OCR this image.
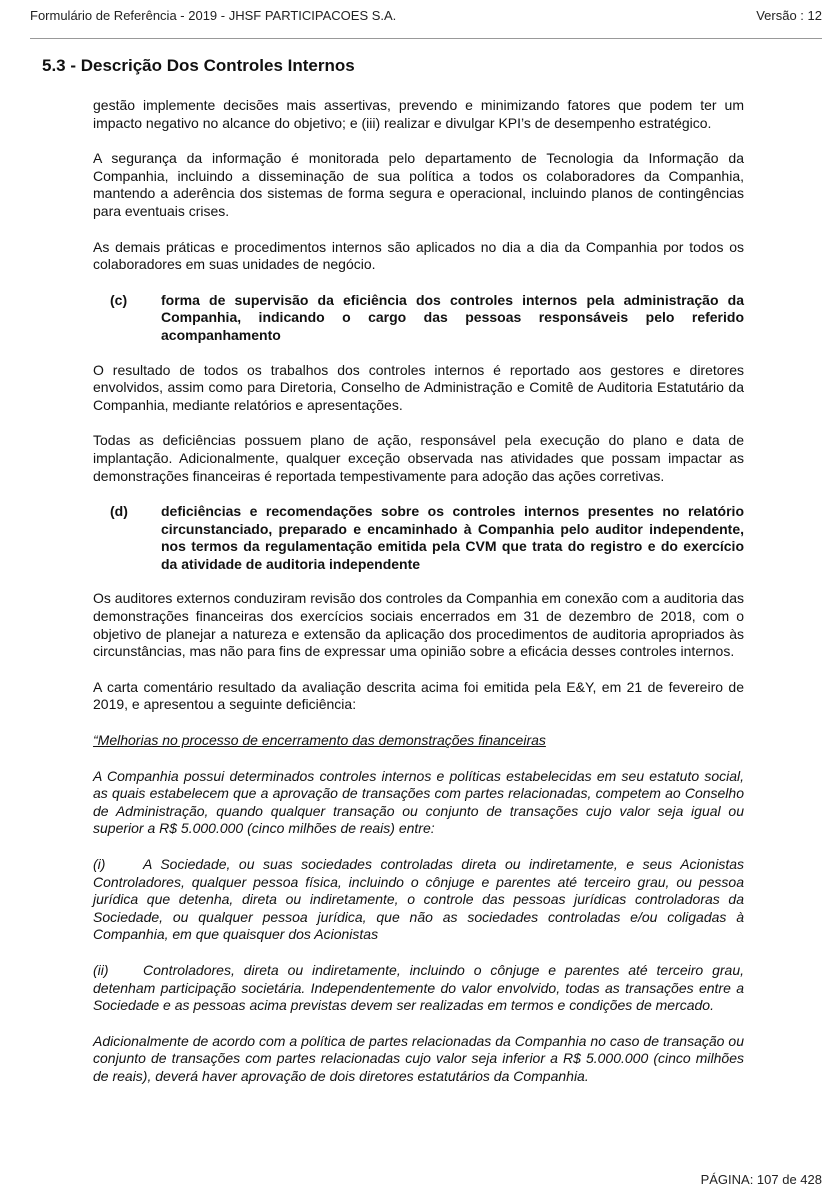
Formulário de Referência - 2019 - JHSF PARTICIPACOES S.A.	Versão : 12
5.3 - Descrição Dos Controles Internos

gestão implemente decisões mais assertivas, prevendo e minimizando fatores que podem ter um impacto negativo no alcance do objetivo; e (iii) realizar e divulgar KPI’s de desempenho estratégico.

A segurança da informação é monitorada pelo departamento de Tecnologia da Informação da Companhia, incluindo a disseminação de sua política a todos os colaboradores da Companhia, mantendo a aderência dos sistemas de forma segura e operacional, incluindo planos de contingências para eventuais crises.

As demais práticas e procedimentos internos são aplicados no dia a dia da Companhia por todos os colaboradores em suas unidades de negócio.

(c)	forma de supervisão da eficiência dos controles internos pela administração da Companhia, indicando o cargo das pessoas responsáveis pelo referido acompanhamento

O resultado de todos os trabalhos dos controles internos é reportado aos gestores e diretores envolvidos, assim como para Diretoria, Conselho de Administração e Comitê de Auditoria Estatutário da Companhia, mediante relatórios e apresentações.

Todas as deficiências possuem plano de ação, responsável pela execução do plano e data de implantação. Adicionalmente, qualquer exceção observada nas atividades que possam impactar as demonstrações financeiras é reportada tempestivamente para adoção das ações corretivas.

(d)	deficiências e recomendações sobre os controles internos presentes no relatório circunstanciado, preparado e encaminhado à Companhia pelo auditor independente, nos termos da regulamentação emitida pela CVM que trata do registro e do exercício da atividade de auditoria independente

Os auditores externos conduziram revisão dos controles da Companhia em conexão com a auditoria das demonstrações financeiras dos exercícios sociais encerrados em 31 de dezembro de 2018, com o objetivo de planejar a natureza e extensão da aplicação dos procedimentos de auditoria apropriados às circunstâncias, mas não para fins de expressar uma opinião sobre a eficácia desses controles internos.

A carta comentário resultado da avaliação descrita acima foi emitida pela E&Y, em 21 de fevereiro de 2019, e apresentou a seguinte deficiência:

“Melhorias no processo de encerramento das demonstrações financeiras

A Companhia possui determinados controles internos e políticas estabelecidas em seu estatuto social, as quais estabelecem que a aprovação de transações com partes relacionadas, competem ao Conselho de Administração, quando qualquer transação ou conjunto de transações cujo valor seja igual ou superior a R$ 5.000.000 (cinco milhões de reais) entre:

(i)	A Sociedade, ou suas sociedades controladas direta ou indiretamente, e seus Acionistas Controladores, qualquer pessoa física, incluindo o cônjuge e parentes até terceiro grau, ou pessoa jurídica que detenha, direta ou indiretamente, o controle das pessoas jurídicas controladoras da Sociedade, ou qualquer pessoa jurídica, que não as sociedades controladas e/ou coligadas à Companhia, em que quaisquer dos Acionistas

(ii) Controladores, direta ou indiretamente, incluindo o cônjuge e parentes até terceiro grau, detenham participação societária. Independentemente do valor envolvido, todas as transações entre a Sociedade e as pessoas acima previstas devem ser realizadas em termos e condições de mercado.

Adicionalmente de acordo com a política de partes relacionadas da Companhia no caso de transação ou conjunto de transações com partes relacionadas cujo valor seja inferior a R$ 5.000.000 (cinco milhões de reais), deverá haver aprovação de dois diretores estatutários da Companhia.

PÁGINA: 107 de 428
